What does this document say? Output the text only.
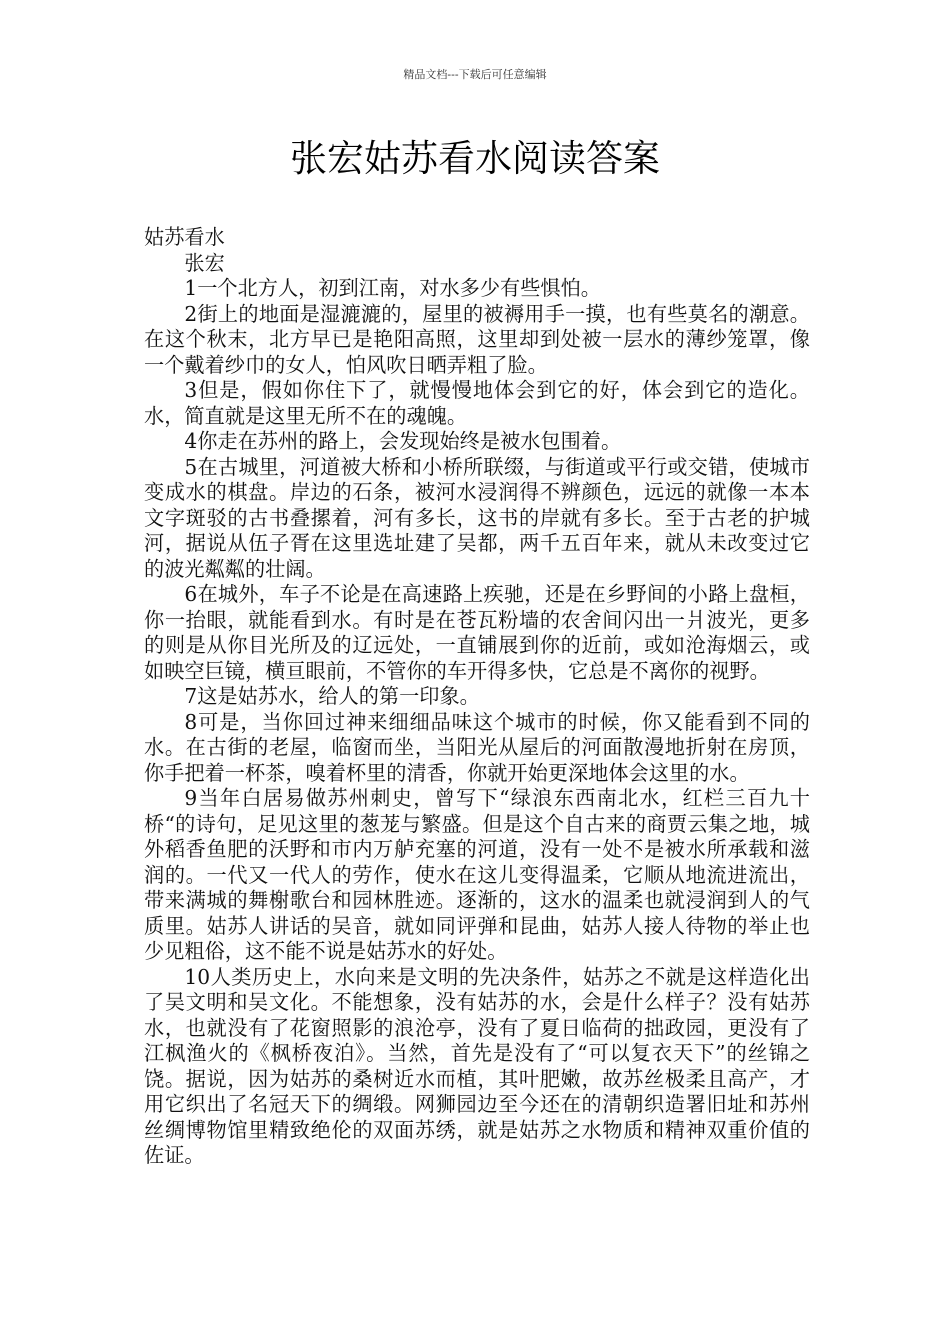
精品文档---下载后可任意编辑
张宏姑苏看水阅读答案

姑苏看水

张宏

1一个北方人，初到江南，对水多少有些惧怕。

2街上的地面是湿漉漉的，屋里的被褥用手一摸，也有些莫名的潮意。在这个秋末，北方早已是艳阳高照，这里却到处被一层水的薄纱笼罩，像一个戴着纱巾的女人，怕风吹日晒弄粗了脸。

3但是，假如你住下了，就慢慢地体会到它的好，体会到它的造化。水，简直就是这里无所不在的魂魄。

4你走在苏州的路上，会发现始终是被水包围着。

5在古城里，河道被大桥和小桥所联缀，与街道或平行或交错，使城市变成水的棋盘。岸边的石条，被河水浸润得不辨颜色，远远的就像一本本文字斑驳的古书叠摞着，河有多长，这书的岸就有多长。至于古老的护城河，据说从伍子胥在这里选址建了吴都，两千五百年来，就从未改变过它的波光粼粼的壮阔。

6在城外，车子不论是在高速路上疾驰，还是在乡野间的小路上盘桓，你一抬眼，就能看到水。有时是在苍瓦粉墙的农舍间闪出一爿波光，更多的则是从你目光所及的辽远处，一直铺展到你的近前，或如沧海烟云，或如映空巨镜，横亘眼前，不管你的车开得多快，它总是不离你的视野。

7这是姑苏水，给人的第一印象。

8可是，当你回过神来细细品味这个城市的时候，你又能看到不同的水。在古街的老屋，临窗而坐，当阳光从屋后的河面散漫地折射在房顶，你手把着一杯茶，嗅着杯里的清香，你就开始更深地体会这里的水。

9当年白居易做苏州刺史，曾写下“绿浪东西南北水，红栏三百九十桥“的诗句，足见这里的葱茏与繁盛。但是这个自古来的商贾云集之地，城外稻香鱼肥的沃野和市内万舻充塞的河道，没有一处不是被水所承载和滋润的。一代又一代人的劳作，使水在这儿变得温柔，它顺从地流进流出，带来满城的舞榭歌台和园林胜迹。逐渐的，这水的温柔也就浸润到人的气质里。姑苏人讲话的吴音，就如同评弹和昆曲，姑苏人接人待物的举止也少见粗俗，这不能不说是姑苏水的好处。

10人类历史上，水向来是文明的先决条件，姑苏之不就是这样造化出了吴文明和吴文化。不能想象，没有姑苏的水，会是什么样子？没有姑苏水，也就没有了花窗照影的浪沧亭，没有了夏日临荷的拙政园，更没有了江枫渔火的《枫桥夜泊》。当然，首先是没有了“可以复衣天下”的丝锦之饶。据说，因为姑苏的桑树近水而植，其叶肥嫩，故苏丝极柔且高产，才用它织出了名冠天下的绸缎。网狮园边至今还在的清朝织造署旧址和苏州丝绸博物馆里精致绝伦的双面苏绣，就是姑苏之水物质和精神双重价值的佐证。
